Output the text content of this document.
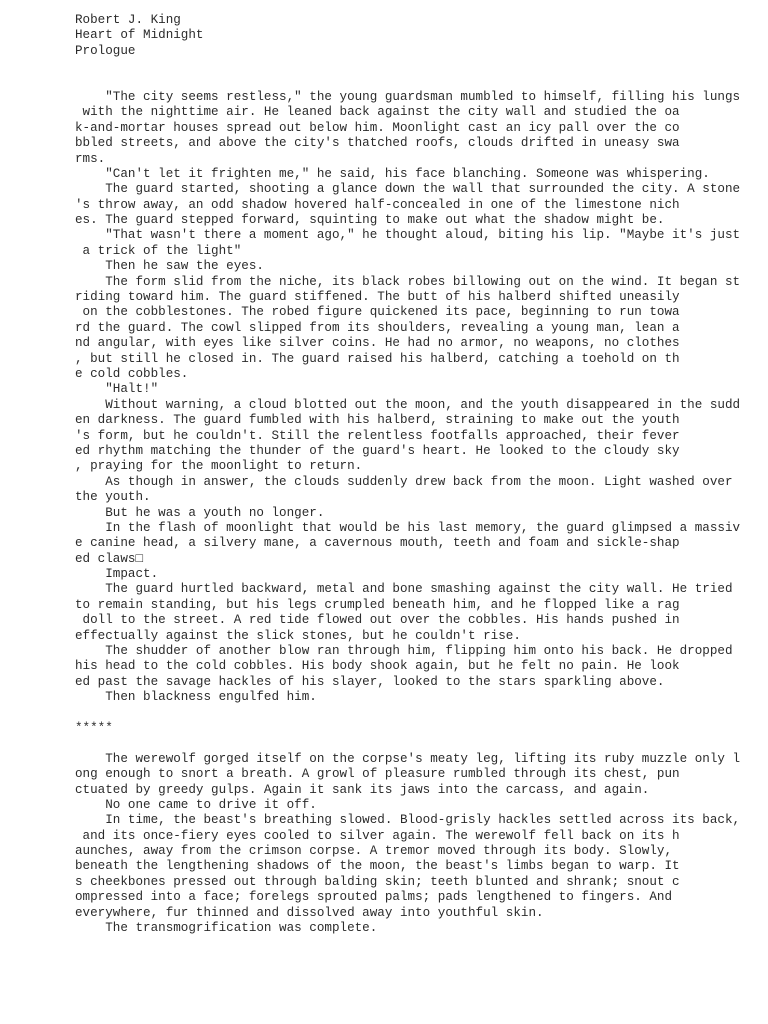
Robert J. King
Heart of Midnight
Prologue
"The city seems restless," the young guardsman mumbled to himself, filling his lungs
with the nighttime air. He leaned back against the city wall and studied the oa
k-and-mortar houses spread out below him. Moonlight cast an icy pall over the co
bbled streets, and above the city's thatched roofs, clouds drifted in uneasy swa
rms.
"Can't let it frighten me," he said, his face blanching. Someone was whispering.
The guard started, shooting a glance down the wall that surrounded the city. A stone
's throw away, an odd shadow hovered half-concealed in one of the limestone nich
es. The guard stepped forward, squinting to make out what the shadow might be.
"That wasn't there a moment ago," he thought aloud, biting his lip. "Maybe it's just
a trick of the light"
Then he saw the eyes.
The form slid from the niche, its black robes billowing out on the wind. It began st
riding toward him. The guard stiffened. The butt of his halberd shifted uneasily
on the cobblestones. The robed figure quickened its pace, beginning to run towa
rd the guard. The cowl slipped from its shoulders, revealing a young man, lean a
nd angular, with eyes like silver coins. He had no armor, no weapons, no clothes
, but still he closed in. The guard raised his halberd, catching a toehold on th
e cold cobbles.
"Halt!"
Without warning, a cloud blotted out the moon, and the youth disappeared in the sudd
en darkness. The guard fumbled with his halberd, straining to make out the youth
's form, but he couldn't. Still the relentless footfalls approached, their fever
ed rhythm matching the thunder of the guard's heart. He looked to the cloudy sky
, praying for the moonlight to return.
As though in answer, the clouds suddenly drew back from the moon. Light washed over
the youth.
But he was a youth no longer.
In the flash of moonlight that would be his last memory, the guard glimpsed a massiv
e canine head, a silvery mane, a cavernous mouth, teeth and foam and sickle-shap
ed claws□
Impact.
The guard hurtled backward, metal and bone smashing against the city wall. He tried
to remain standing, but his legs crumpled beneath him, and he flopped like a rag
doll to the street. A red tide flowed out over the cobbles. His hands pushed in
effectually against the slick stones, but he couldn't rise.
The shudder of another blow ran through him, flipping him onto his back. He dropped
his head to the cold cobbles. His body shook again, but he felt no pain. He look
ed past the savage hackles of his slayer, looked to the stars sparkling above.
Then blackness engulfed him.
*****
The werewolf gorged itself on the corpse's meaty leg, lifting its ruby muzzle only l
ong enough to snort a breath. A growl of pleasure rumbled through its chest, pun
ctuated by greedy gulps. Again it sank its jaws into the carcass, and again.
No one came to drive it off.
In time, the beast's breathing slowed. Blood-grisly hackles settled across its back,
and its once-fiery eyes cooled to silver again. The werewolf fell back on its h
aunches, away from the crimson corpse. A tremor moved through its body. Slowly,
beneath the lengthening shadows of the moon, the beast's limbs began to warp. It
s cheekbones pressed out through balding skin; teeth blunted and shrank; snout c
ompressed into a face; forelegs sprouted palms; pads lengthened to fingers. And
everywhere, fur thinned and dissolved away into youthful skin.
The transmogrification was complete.
